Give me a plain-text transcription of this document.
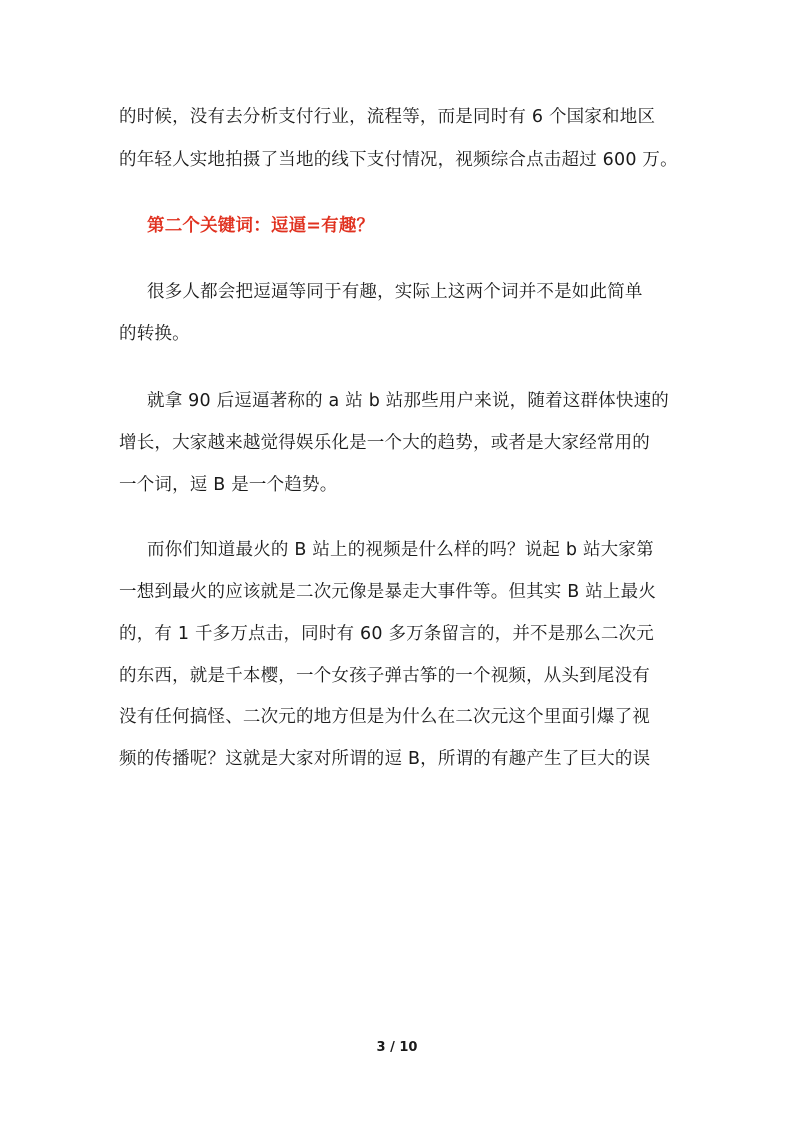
的时候，没有去分析支付行业，流程等，而是同时有 6 个国家和地区
的年轻人实地拍摄了当地的线下支付情况，视频综合点击超过 600 万。
第二个关键词：逗逼=有趣？
很多人都会把逗逼等同于有趣，实际上这两个词并不是如此简单
的转换。
就拿 90 后逗逼著称的 a 站 b 站那些用户来说，随着这群体快速的
增长，大家越来越觉得娱乐化是一个大的趋势，或者是大家经常用的
一个词，逗 B 是一个趋势。
而你们知道最火的 B 站上的视频是什么样的吗？说起 b 站大家第
一想到最火的应该就是二次元像是暴走大事件等。但其实 B 站上最火
的，有 1 千多万点击，同时有 60 多万条留言的，并不是那么二次元
的东西，就是千本樱，一个女孩子弹古筝的一个视频，从头到尾没有
没有任何搞怪、二次元的地方但是为什么在二次元这个里面引爆了视
频的传播呢？这就是大家对所谓的逗 B，所谓的有趣产生了巨大的误
3 / 10
